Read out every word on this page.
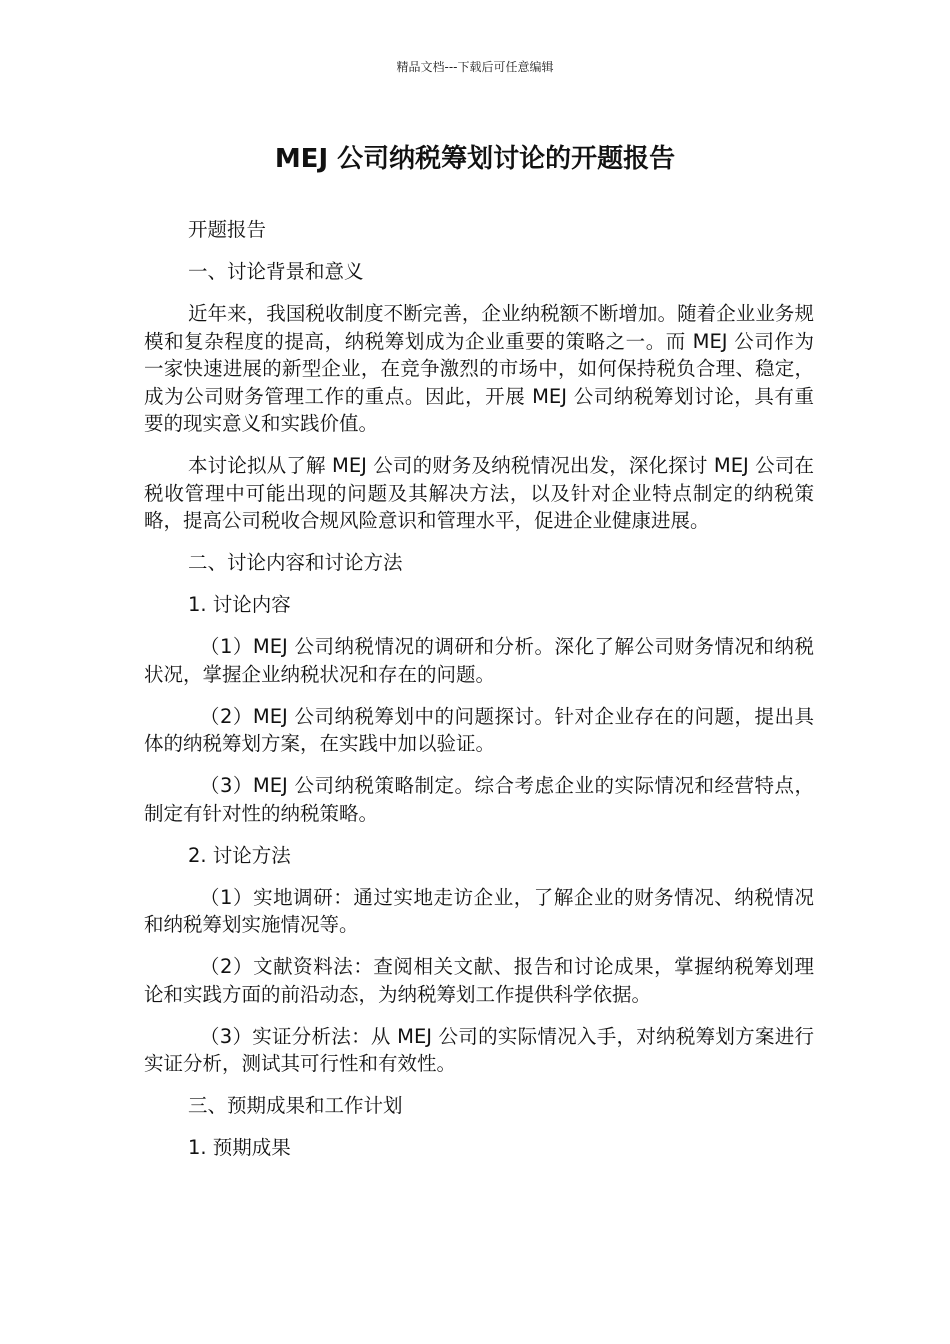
精品文档---下载后可任意编辑
MEJ 公司纳税筹划讨论的开题报告

开题报告

一、讨论背景和意义

近年来，我国税收制度不断完善，企业纳税额不断增加。随着企业业务规模和复杂程度的提高，纳税筹划成为企业重要的策略之一。而 MEJ 公司作为一家快速进展的新型企业，在竞争激烈的市场中，如何保持税负合理、稳定，成为公司财务管理工作的重点。因此，开展 MEJ 公司纳税筹划讨论，具有重要的现实意义和实践价值。

本讨论拟从了解 MEJ 公司的财务及纳税情况出发，深化探讨 MEJ 公司在税收管理中可能出现的问题及其解决方法，以及针对企业特点制定的纳税策略，提高公司税收合规风险意识和管理水平，促进企业健康进展。

二、讨论内容和讨论方法

1. 讨论内容

（1）MEJ 公司纳税情况的调研和分析。深化了解公司财务情况和纳税状况，掌握企业纳税状况和存在的问题。

（2）MEJ 公司纳税筹划中的问题探讨。针对企业存在的问题，提出具体的纳税筹划方案，在实践中加以验证。

（3）MEJ 公司纳税策略制定。综合考虑企业的实际情况和经营特点，制定有针对性的纳税策略。

2. 讨论方法

（1）实地调研：通过实地走访企业，了解企业的财务情况、纳税情况和纳税筹划实施情况等。

（2）文献资料法：查阅相关文献、报告和讨论成果，掌握纳税筹划理论和实践方面的前沿动态，为纳税筹划工作提供科学依据。

（3）实证分析法：从 MEJ 公司的实际情况入手，对纳税筹划方案进行实证分析，测试其可行性和有效性。

三、预期成果和工作计划

1. 预期成果
